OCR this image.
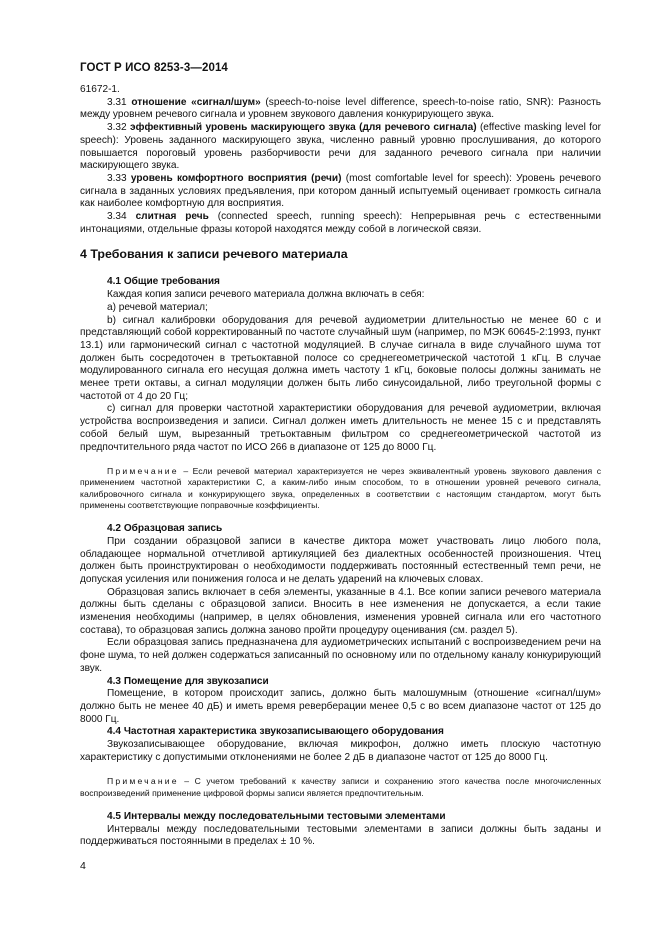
ГОСТ Р ИСО 8253-3—2014

61672-1.

3.31 отношение «сигнал/шум» (speech-to-noise level difference, speech-to-noise ratio, SNR): Разность между уровнем речевого сигнала и уровнем звукового давления конкурирующего звука.

3.32 эффективный уровень маскирующего звука (для речевого сигнала) (effective masking level for speech): Уровень заданного маскирующего звука, численно равный уровню прослушивания, до которого повышается пороговый уровень разборчивости речи для заданного речевого сигнала при наличии маскирующего звука.

3.33 уровень комфортного восприятия (речи) (most comfortable level for speech): Уровень речевого сигнала в заданных условиях предъявления, при котором данный испытуемый оценивает громкость сигнала как наиболее комфортную для восприятия.

3.34 слитная речь (connected speech, running speech): Непрерывная речь с естественными интонациями, отдельные фразы которой находятся между собой в логической связи.

4 Требования к записи речевого материала
4.1 Общие требования

Каждая копия записи речевого материала должна включать в себя:

a) речевой материал;

b) сигнал калибровки оборудования для речевой аудиометрии длительностью не менее 60 с и представляющий собой корректированный по частоте случайный шум (например, по МЭК 60645-2:1993, пункт 13.1) или гармонический сигнал с частотной модуляцией. В случае сигнала в виде случайного шума тот должен быть сосредоточен в третьоктавной полосе со среднегеометрической частотой 1 кГц. В случае модулированного сигнала его несущая должна иметь частоту 1 кГц, боковые полосы должны занимать не менее трети октавы, а сигнал модуляции должен быть либо синусоидальной, либо треугольной формы с частотой от 4 до 20 Гц;

c) сигнал для проверки частотной характеристики оборудования для речевой аудиометрии, включая устройства воспроизведения и записи. Сигнал должен иметь длительность не менее 15 с и представлять собой белый шум, вырезанный третьоктавным фильтром со среднегеометрической частотой из предпочтительного ряда частот по ИСО 266 в диапазоне от 125 до 8000 Гц.

Примечание – Если речевой материал характеризуется не через эквивалентный уровень звукового давления с применением частотной характеристики C, а каким-либо иным способом, то в отношении уровней речевого сигнала, калибровочного сигнала и конкурирующего звука, определенных в соответствии с настоящим стандартом, могут быть применены соответствующие поправочные коэффициенты.

4.2 Образцовая запись

При создании образцовой записи в качестве диктора может участвовать лицо любого пола, обладающее нормальной отчетливой артикуляцией без диалектных особенностей произношения. Чтец должен быть проинструктирован о необходимости поддерживать постоянный естественный темп речи, не допуская усиления или понижения голоса и не делать ударений на ключевых словах.

Образцовая запись включает в себя элементы, указанные в 4.1. Все копии записи речевого материала должны быть сделаны с образцовой записи. Вносить в нее изменения не допускается, а если такие изменения необходимы (например, в целях обновления, изменения уровней сигнала или его частотного состава), то образцовая запись должна заново пройти процедуру оценивания (см. раздел 5).

Если образцовая запись предназначена для аудиометрических испытаний с воспроизведением речи на фоне шума, то ней должен содержаться записанный по основному или по отдельному каналу конкурирующий звук.

4.3 Помещение для звукозаписи

Помещение, в котором происходит запись, должно быть малошумным (отношение «сигнал/шум» должно быть не менее 40 дБ) и иметь время реверберации менее 0,5 с во всем диапазоне частот от 125 до 8000 Гц.

4.4 Частотная характеристика звукозаписывающего оборудования

Звукозаписывающее оборудование, включая микрофон, должно иметь плоскую частотную характеристику с допустимыми отклонениями не более 2 дБ в диапазоне частот от 125 до 8000 Гц.

Примечание – С учетом требований к качеству записи и сохранению этого качества после многочисленных воспроизведений применение цифровой формы записи является предпочтительным.

4.5 Интервалы между последовательными тестовыми элементами

Интервалы между последовательными тестовыми элементами в записи должны быть заданы и поддерживаться постоянными в пределах ± 10 %.

4
